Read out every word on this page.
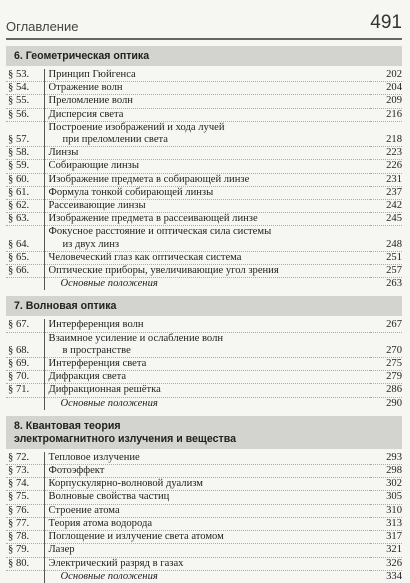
Оглавление	491
6. Геометрическая оптика
§ 53.	Принцип Гюйгенса	202
§ 54.	Отражение волн	204
§ 55.	Преломление волн	209
§ 56.	Дисперсия света	216
§ 57.	Построение изображений и хода лучей
при преломлении света	218
§ 58.	Линзы	223
§ 59.	Собирающие линзы	226
§ 60.	Изображение предмета в собирающей линзе	231
§ 61.	Формула тонкой собирающей линзы	237
§ 62.	Рассеивающие линзы	242
§ 63.	Изображение предмета в рассеивающей линзе	245
§ 64.	Фокусное расстояние и оптическая сила системы
из двух линз	248
§ 65.	Человеческий глаз как оптическая система	251
§ 66.	Оптические приборы, увеличивающие угол зрения	257
	Основные положения	263
7. Волновая оптика
§ 67.	Интерференция волн	267
§ 68.	Взаимное усиление и ослабление волн
в пространстве	270
§ 69.	Интерференция света	275
§ 70.	Дифракция света	279
§ 71.	Дифракционная решётка	286
	Основные положения	290
8. Квантовая теория
электромагнитного излучения и вещества
§ 72.	Тепловое излучение	293
§ 73.	Фотоэффект	298
§ 74.	Корпускулярно-волновой дуализм	302
§ 75.	Волновые свойства частиц	305
§ 76.	Строение атома	310
§ 77.	Теория атома водорода	313
§ 78.	Поглощение и излучение света атомом	317
§ 79.	Лазер	321
§ 80.	Электрический разряд в газах	326
	Основные положения	334
